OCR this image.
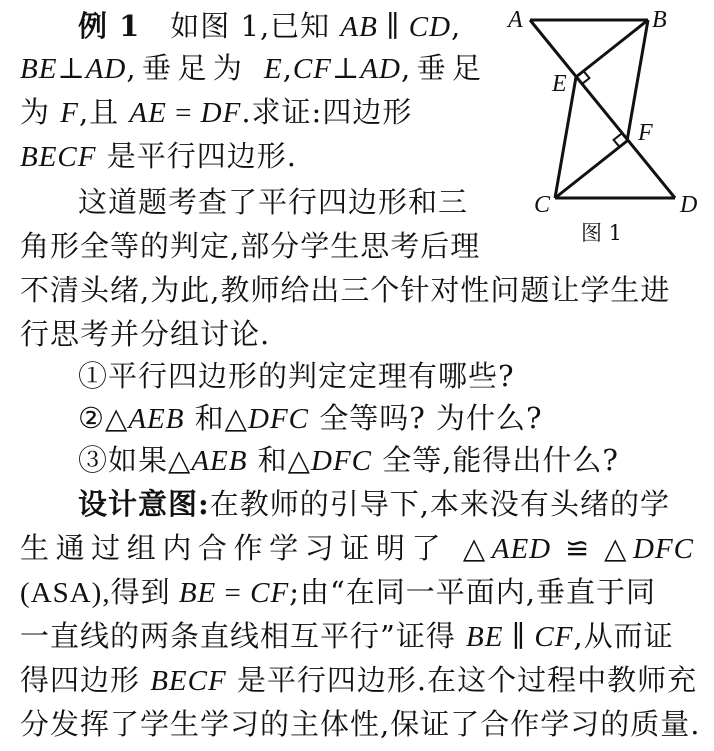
A	B
E
F
C	D
图 1
例 1  如图 1,已知 AB ∥ CD,
BE⊥AD,垂足为 E,CF⊥AD,垂足
为 F,且 AE = DF.求证:四边形
BECF 是平行四边形.
这道题考查了平行四边形和三
角形全等的判定,部分学生思考后理
不清头绪,为此,教师给出三个针对性问题让学生进
行思考并分组讨论.
①平行四边形的判定定理有哪些?
②△AEB 和△DFC 全等吗? 为什么?
③如果△AEB 和△DFC 全等,能得出什么?
设计意图:在教师的引导下,本来没有头绪的学
生通过组内合作学习证明了 △AED ≌ △DFC
(ASA),得到 BE = CF;由“在同一平面内,垂直于同
一直线的两条直线相互平行”证得 BE ∥ CF,从而证
得四边形 BECF 是平行四边形.在这个过程中教师充
分发挥了学生学习的主体性,保证了合作学习的质量.
